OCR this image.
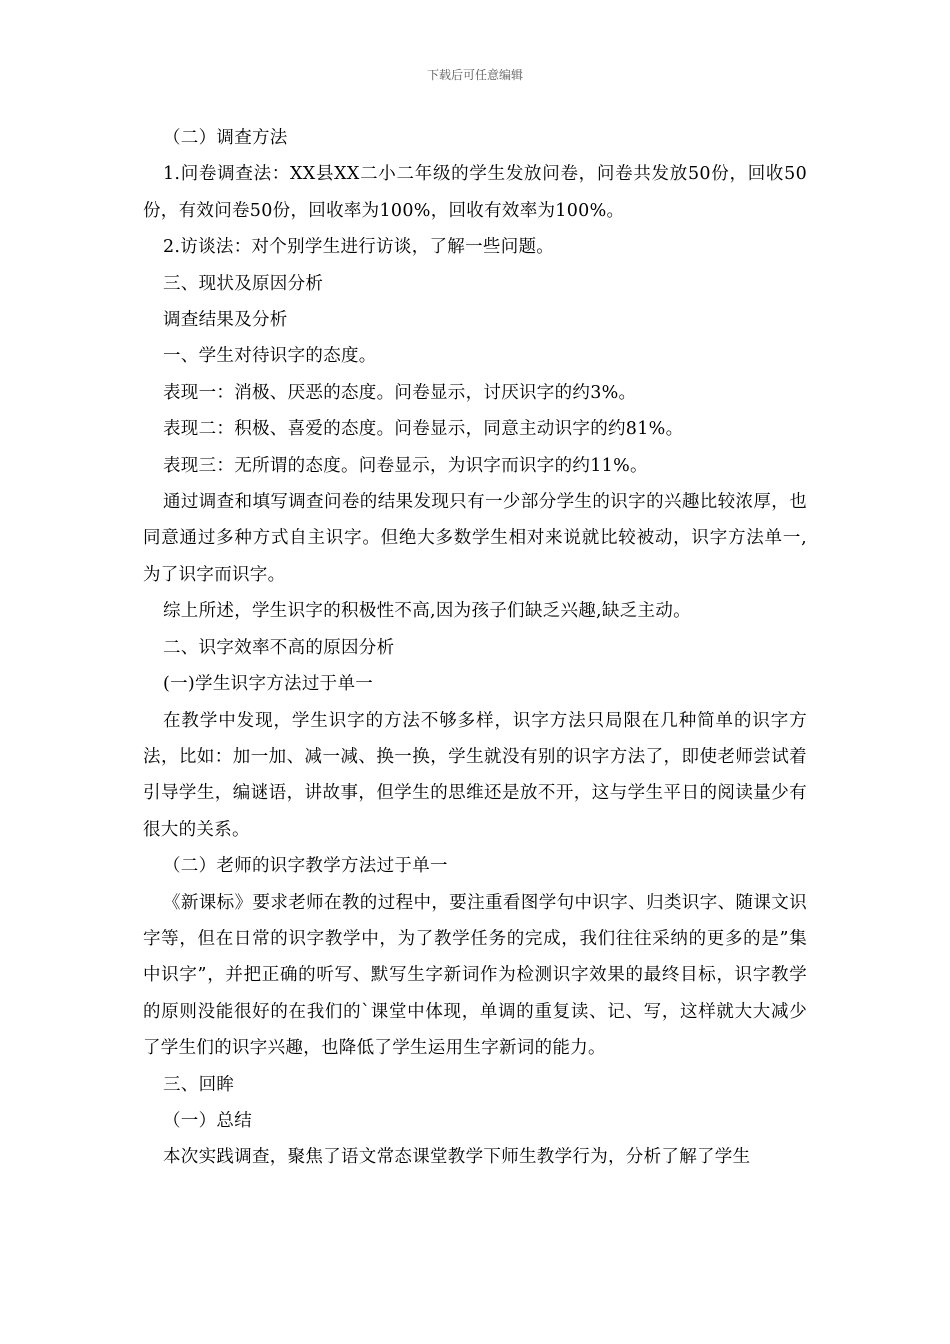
下载后可任意编辑

（二）调查方法

1.问卷调查法：XX县XX二小二年级的学生发放问卷，问卷共发放50份，回收50份，有效问卷50份，回收率为100%，回收有效率为100%。

2.访谈法：对个别学生进行访谈，了解一些问题。

三、现状及原因分析

调查结果及分析

一、学生对待识字的态度。

表现一：消极、厌恶的态度。问卷显示，讨厌识字的约3%。

表现二：积极、喜爱的态度。问卷显示，同意主动识字的约81%。

表现三：无所谓的态度。问卷显示，为识字而识字的约11%。

通过调查和填写调查问卷的结果发现只有一少部分学生的识字的兴趣比较浓厚，也同意通过多种方式自主识字。但绝大多数学生相对来说就比较被动，识字方法单一,为了识字而识字。

综上所述，学生识字的积极性不高,因为孩子们缺乏兴趣,缺乏主动。

二、识字效率不高的原因分析

(一)学生识字方法过于单一

在教学中发现，学生识字的方法不够多样，识字方法只局限在几种简单的识字方法，比如：加一加、减一减、换一换，学生就没有别的识字方法了，即使老师尝试着引导学生，编谜语，讲故事，但学生的思维还是放不开，这与学生平日的阅读量少有很大的关系。

（二）老师的识字教学方法过于单一

《新课标》要求老师在教的过程中，要注重看图学句中识字、归类识字、随课文识字等，但在日常的识字教学中，为了教学任务的完成，我们往往采纳的更多的是”集中识字”，并把正确的听写、默写生字新词作为检测识字效果的最终目标，识字教学的原则没能很好的在我们的`课堂中体现，单调的重复读、记、写，这样就大大减少了学生们的识字兴趣，也降低了学生运用生字新词的能力。

三、回眸

（一）总结

本次实践调查，聚焦了语文常态课堂教学下师生教学行为，分析了解了学生
